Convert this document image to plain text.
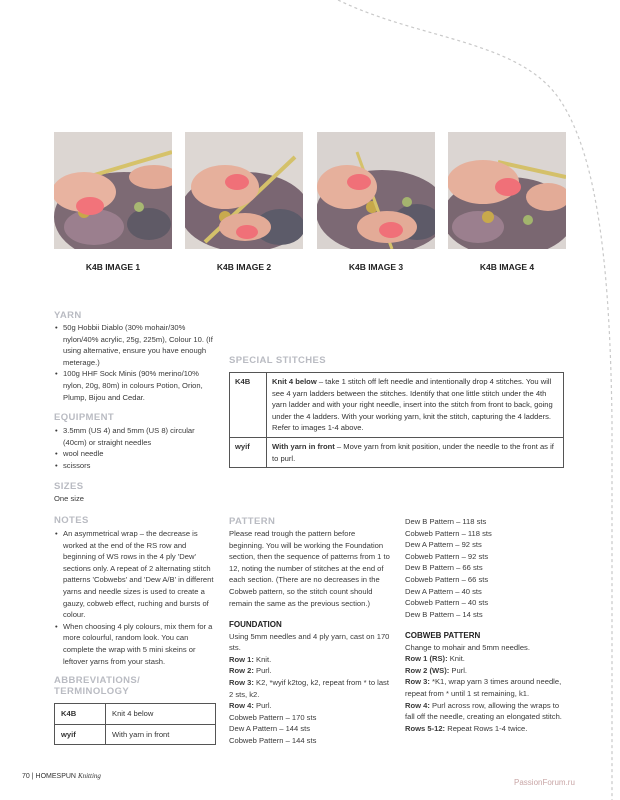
K4B IMAGE 1	K4B IMAGE 2	K4B IMAGE 3	K4B IMAGE 4
YARN
• 50g Hobbii Diablo (30% mohair/30% nylon/40% acrylic, 25g, 225m), Colour 10. (If using alternative, ensure you have enough meterage.)
• 100g HHF Sock Minis (90% merino/10% nylon, 20g, 80m) in colours Potion, Orion, Plump, Bijou and Cedar.
EQUIPMENT
• 3.5mm (US 4) and 5mm (US 8) circular (40cm) or straight needles
• wool needle
• scissors
SIZES
One size
NOTES
• An asymmetrical wrap – the decrease is worked at the end of the RS row and beginning of WS rows in the 4 ply 'Dew' sections only. A repeat of 2 alternating stitch patterns 'Cobwebs' and 'Dew A/B' in different yarns and needle sizes is used to create a gauzy, cobweb effect, ruching and bursts of colour.
• When choosing 4 ply colours, mix them for a more colourful, random look. You can complete the wrap with 5 mini skeins or leftover yarns from your stash.
ABBREVIATIONS/ TERMINOLOGY
K4B	Knit 4 below
wyif	With yarn in front
SPECIAL STITCHES
K4B	Knit 4 below – take 1 stitch off left needle and intentionally drop 4 stitches. You will see 4 yarn ladders between the stitches. Identify that one little stitch under the 4th yarn ladder and with your right needle, insert into the stitch from front to back, going under the 4 ladders. With your working yarn, knit the stitch, capturing the 4 ladders. Refer to images 1-4 above.
wyif	With yarn in front – Move yarn from knit position, under the needle to the front as if to purl.
PATTERN
Please read trough the pattern before beginning. You will be working the Foundation section, then the sequence of patterns from 1 to 12, noting the number of stitches at the end of each section. (There are no decreases in the Cobweb pattern, so the stitch count should remain the same as the previous section.)
FOUNDATION
Using 5mm needles and 4 ply yarn, cast on 170 sts.
Row 1: Knit.
Row 2: Purl.
Row 3: K2, *wyif k2tog, k2, repeat from * to last 2 sts, k2.
Row 4: Purl.
Cobweb Pattern – 170 sts
Dew A Pattern – 144 sts
Cobweb Pattern – 144 sts
Dew B Pattern – 118 sts
Cobweb Pattern – 118 sts
Dew A Pattern – 92 sts
Cobweb Pattern – 92 sts
Dew B Pattern – 66 sts
Cobweb Pattern – 66 sts
Dew A Pattern – 40 sts
Cobweb Pattern – 40 sts
Dew B Pattern – 14 sts
COBWEB PATTERN
Change to mohair and 5mm needles.
Row 1 (RS): Knit.
Row 2 (WS): Purl.
Row 3: *K1, wrap yarn 3 times around needle, repeat from * until 1 st remaining, k1.
Row 4: Purl across row, allowing the wraps to fall off the needle, creating an elongated stitch.
Rows 5-12: Repeat Rows 1-4 twice.
70 | HOMESPUN Knitting
PassionForum.ru
